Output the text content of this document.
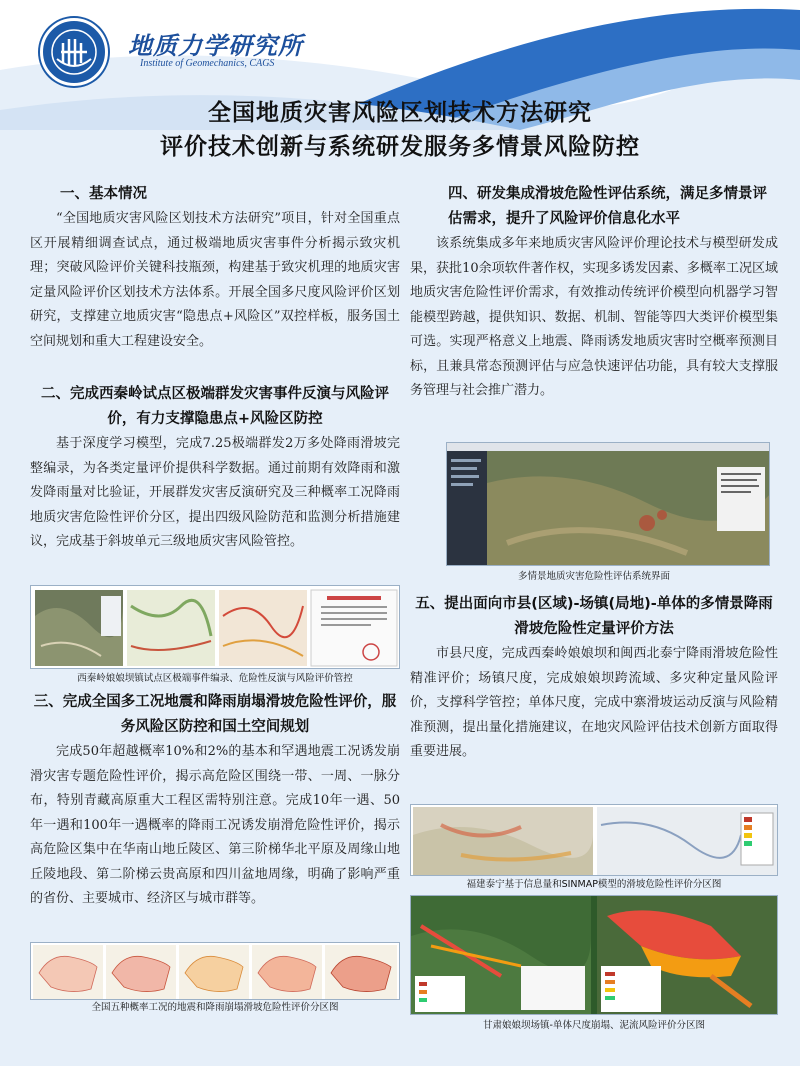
地质力学研究所
Institute of Geomechanics, CAGS
全国地质灾害风险区划技术方法研究
评价技术创新与系统研发服务多情景风险防控
一、基本情况
“全国地质灾害风险区划技术方法研究”项目，针对全国重点区开展精细调查试点，通过极端地质灾害事件分析揭示致灾机理；突破风险评价关键科技瓶颈，构建基于致灾机理的地质灾害定量风险评价区划技术方法体系。开展全国多尺度风险评价区划研究，支撑建立地质灾害“隐患点+风险区”双控样板，服务国土空间规划和重大工程建设安全。
二、完成西秦岭试点区极端群发灾害事件反演与风险评价，有力支撑隐患点+风险区防控
基于深度学习模型，完成7.25极端群发2万多处降雨滑坡完整编录，为各类定量评价提供科学数据。通过前期有效降雨和激发降雨量对比验证，开展群发灾害反演研究及三种概率工况降雨地质灾害危险性评价分区，提出四级风险防范和监测分析措施建议，完成基于斜坡单元三级地质灾害风险管控。
西秦岭娘娘坝镇试点区极端事件编录、危险性反演与风险评价管控
三、完成全国多工况地震和降雨崩塌滑坡危险性评价，服务风险区防控和国土空间规划
完成50年超越概率10%和2%的基本和罕遇地震工况诱发崩滑灾害专题危险性评价，揭示高危险区围绕一带、一周、一脉分布，特别青藏高原重大工程区需特别注意。完成10年一遇、50年一遇和100年一遇概率的降雨工况诱发崩滑危险性评价，揭示高危险区集中在华南山地丘陵区、第三阶梯华北平原及周缘山地丘陵地段、第二阶梯云贵高原和四川盆地周缘，明确了影响严重的省份、主要城市、经济区与城市群等。
全国五种概率工况的地震和降雨崩塌滑坡危险性评价分区图
四、研发集成滑坡危险性评估系统，满足多情景评估需求，提升了风险评价信息化水平
该系统集成多年来地质灾害风险评价理论技术与模型研发成果，获批10余项软件著作权，实现多诱发因素、多概率工况区域地质灾害危险性评价需求，有效推动传统评价模型向机器学习智能模型跨越，提供知识、数据、机制、智能等四大类评价模型集可选。实现严格意义上地震、降雨诱发地质灾害时空概率预测目标，且兼具常态预测评估与应急快速评估功能，具有较大支撑服务管理与社会推广潜力。
多情景地质灾害危险性评估系统界面
五、提出面向市县(区域)-场镇(局地)-单体的多情景降雨滑坡危险性定量评价方法
市县尺度，完成西秦岭娘娘坝和闽西北泰宁降雨滑坡危险性精准评价；场镇尺度，完成娘娘坝跨流域、多灾种定量风险评价，支撑科学管控；单体尺度，完成中寨滑坡运动反演与风险精准预测，提出量化措施建议，在地灾风险评估技术创新方面取得重要进展。
福建泰宁基于信息量和SINMAP模型的滑坡危险性评价分区图
甘肃娘娘坝场镇-单体尺度崩塌、泥流风险评价分区图
